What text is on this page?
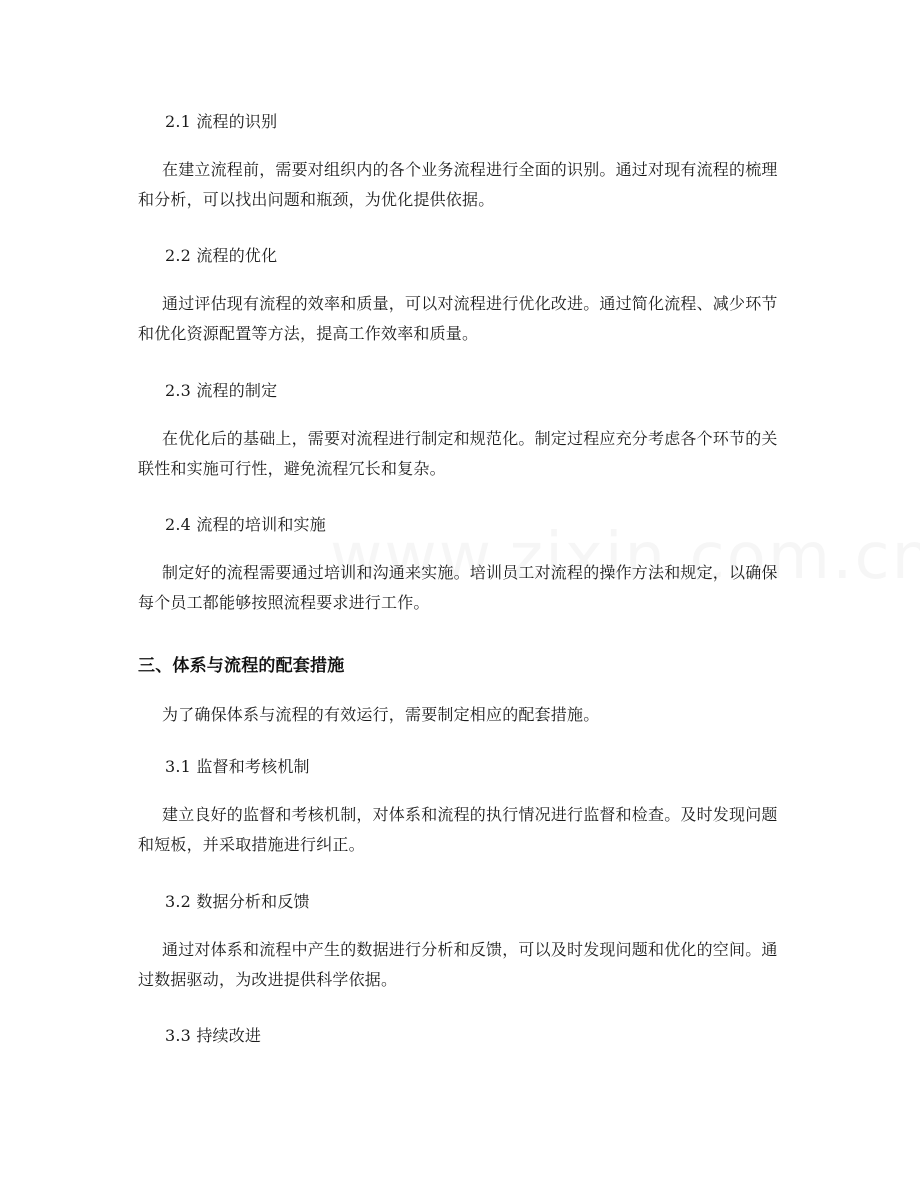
2.1 流程的识别

在建立流程前，需要对组织内的各个业务流程进行全面的识别。通过对现有流程的梳理和分析，可以找出问题和瓶颈，为优化提供依据。

2.2 流程的优化

通过评估现有流程的效率和质量，可以对流程进行优化改进。通过简化流程、减少环节和优化资源配置等方法，提高工作效率和质量。

2.3 流程的制定

在优化后的基础上，需要对流程进行制定和规范化。制定过程应充分考虑各个环节的关联性和实施可行性，避免流程冗长和复杂。

2.4 流程的培训和实施

制定好的流程需要通过培训和沟通来实施。培训员工对流程的操作方法和规定，以确保每个员工都能够按照流程要求进行工作。

三、体系与流程的配套措施

为了确保体系与流程的有效运行，需要制定相应的配套措施。

3.1 监督和考核机制

建立良好的监督和考核机制，对体系和流程的执行情况进行监督和检查。及时发现问题和短板，并采取措施进行纠正。

3.2 数据分析和反馈

通过对体系和流程中产生的数据进行分析和反馈，可以及时发现问题和优化的空间。通过数据驱动，为改进提供科学依据。

3.3 持续改进
